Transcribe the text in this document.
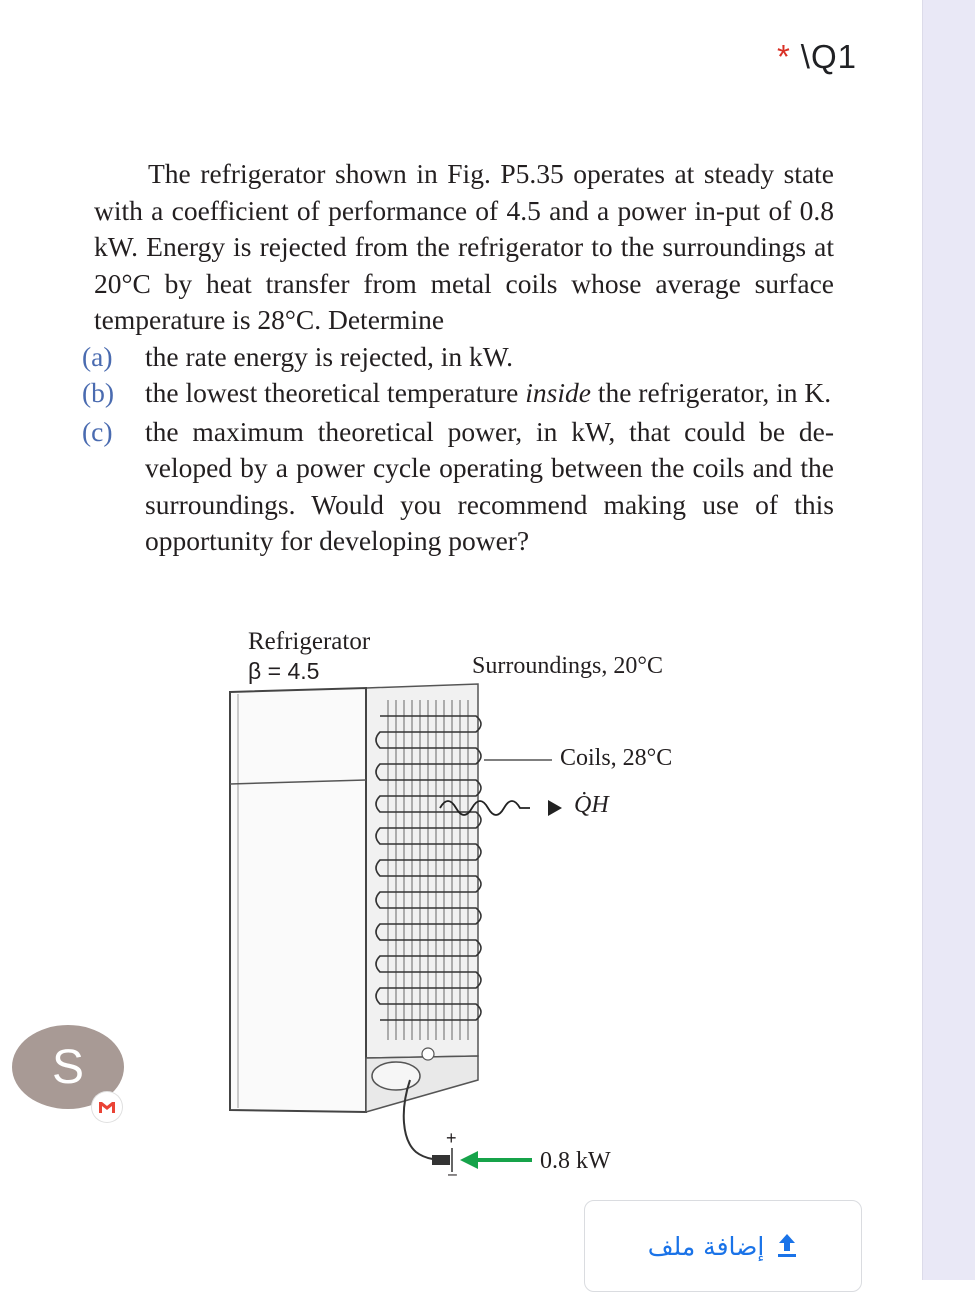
* \Q1

The refrigerator shown in Fig. P5.35 operates at steady state with a coefficient of performance of 4.5 and a power in-put of 0.8 kW. Energy is rejected from the refrigerator to the surroundings at 20°C by heat transfer from metal coils whose average surface temperature is 28°C. Determine

(a) the rate energy is rejected, in kW.
(b) the lowest theoretical temperature inside the refrigerator, in K.
(c) the maximum theoretical power, in kW, that could be de-veloped by a power cycle operating between the coils and the surroundings. Would you recommend making use of this opportunity for developing power?
Refrigerator
β = 4.5	Surroundings, 20°C
Coils, 28°C
Q̇H
0.8 kW
+
–
S
إضافة ملف
